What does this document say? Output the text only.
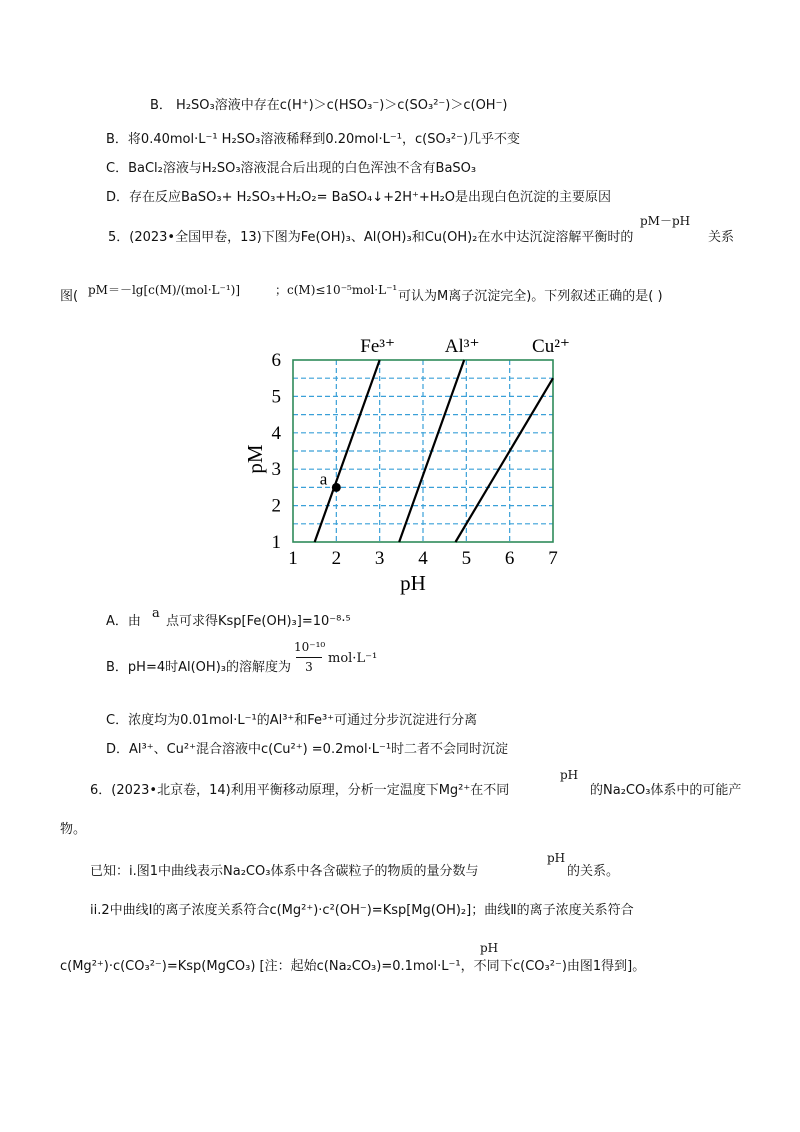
B． H₂SO₃溶液中存在c(H⁺)＞c(HSO₃⁻)＞c(SO₃²⁻)＞c(OH⁻)
B．将0.40mol·L⁻¹ H₂SO₃溶液稀释到0.20mol·L⁻¹，c(SO₃²⁻)几乎不变
C．BaCl₂溶液与H₂SO₃溶液混合后出现的白色浑浊不含有BaSO₃
D．存在反应BaSO₃+ H₂SO₃+H₂O₂= BaSO₄↓+2H⁺+H₂O是出现白色沉淀的主要原因
5．(2023•全国甲卷，13)下图为Fe(OH)₃、Al(OH)₃和Cu(OH)₂在水中达沉淀溶解平衡时的
pM－pH
关系
图( pM＝－lg[c(M)/(mol·L⁻¹)]	；c(M)≤10⁻⁵mol·L⁻¹ 可认为M离子沉淀完全)。下列叙述正确的是( )
1 2 3 4 5 6 7
1
2
3
4
5
6
pH
pM
Fe³⁺	Al³⁺	Cu²⁺
a
A．由
a
点可求得Ksp[Fe(OH)₃]=10⁻⁸·⁵
B．pH=4时Al(OH)₃的溶解度为
10⁻¹⁰
3
mol·L⁻¹
C．浓度均为0.01mol·L⁻¹的Al³⁺和Fe³⁺可通过分步沉淀进行分离
D．Al³⁺、Cu²⁺混合溶液中c(Cu²⁺) =0.2mol·L⁻¹时二者不会同时沉淀
6．(2023•北京卷，14)利用平衡移动原理，分析一定温度下Mg²⁺在不同
pH
的Na₂CO₃体系中的可能产
物。
已知：i.图1中曲线表示Na₂CO₃体系中各含碳粒子的物质的量分数与
pH
的关系。
ii.2中曲线Ⅰ的离子浓度关系符合c(Mg²⁺)·c²(OH⁻)=Ksp[Mg(OH)₂]；曲线Ⅱ的离子浓度关系符合
c(Mg²⁺)·c(CO₃²⁻)=Ksp(MgCO₃) [注：起始c(Na₂CO₃)=0.1mol·L⁻¹，不同
pH
下c(CO₃²⁻)由图1得到]。
